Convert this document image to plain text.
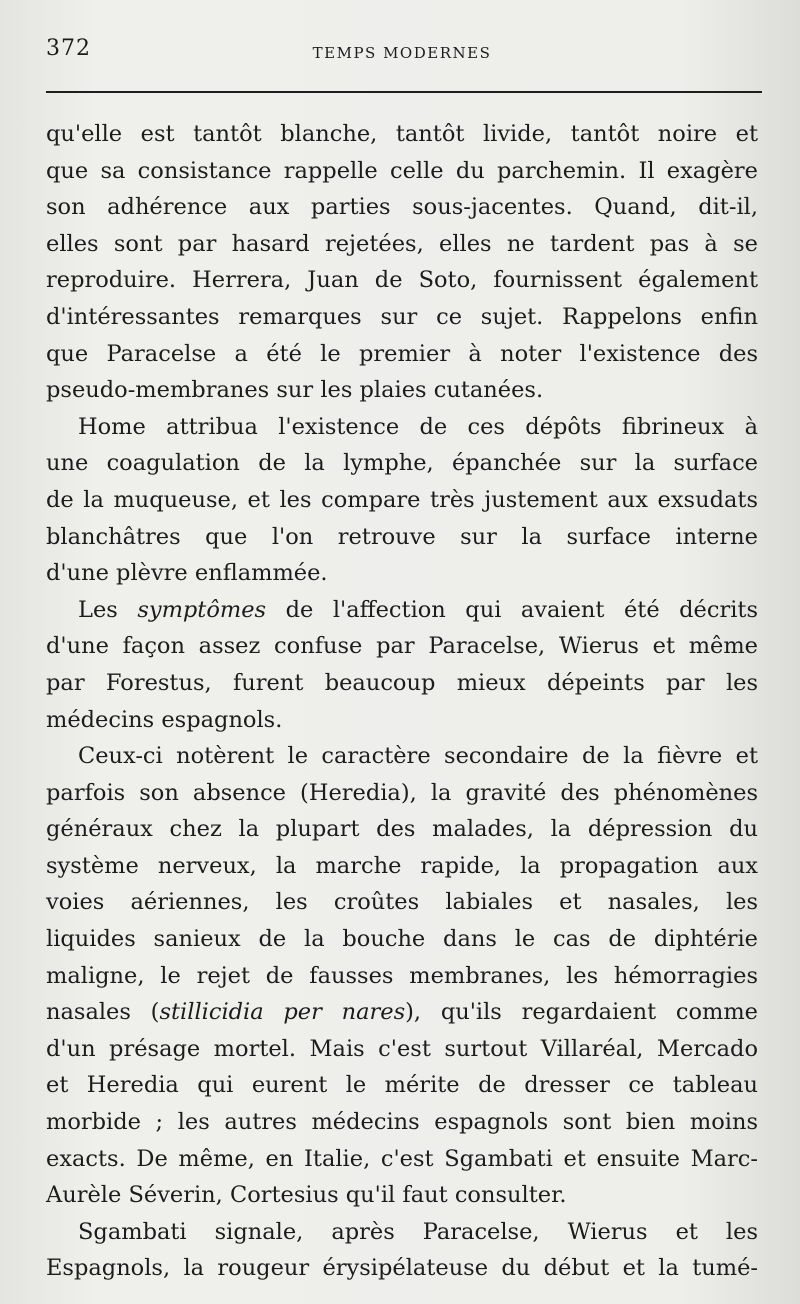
372	TEMPS MODERNES
qu'elle est tantôt blanche, tantôt livide, tantôt noire et
que sa consistance rappelle celle du parchemin. Il exagère
son adhérence aux parties sous-jacentes. Quand, dit-il,
elles sont par hasard rejetées, elles ne tardent pas à se
reproduire. Herrera, Juan de Soto, fournissent également
d'intéressantes remarques sur ce sujet. Rappelons enfin
que Paracelse a été le premier à noter l'existence des
pseudo-membranes sur les plaies cutanées.
Home attribua l'existence de ces dépôts fibrineux à
une coagulation de la lymphe, épanchée sur la surface
de la muqueuse, et les compare très justement aux exsudats
blanchâtres que l'on retrouve sur la surface interne
d'une plèvre enflammée.
Les symptômes de l'affection qui avaient été décrits
d'une façon assez confuse par Paracelse, Wierus et même
par Forestus, furent beaucoup mieux dépeints par les
médecins espagnols.
Ceux-ci notèrent le caractère secondaire de la fièvre et
parfois son absence (Heredia), la gravité des phénomènes
généraux chez la plupart des malades, la dépression du
système nerveux, la marche rapide, la propagation aux
voies aériennes, les croûtes labiales et nasales, les
liquides sanieux de la bouche dans le cas de diphtérie
maligne, le rejet de fausses membranes, les hémorragies
nasales (stillicidia per nares), qu'ils regardaient comme
d'un présage mortel. Mais c'est surtout Villaréal, Mercado
et Heredia qui eurent le mérite de dresser ce tableau
morbide ; les autres médecins espagnols sont bien moins
exacts. De même, en Italie, c'est Sgambati et ensuite Marc-
Aurèle Séverin, Cortesius qu'il faut consulter.
Sgambati signale, après Paracelse, Wierus et les
Espagnols, la rougeur érysipélateuse du début et la tumé-
